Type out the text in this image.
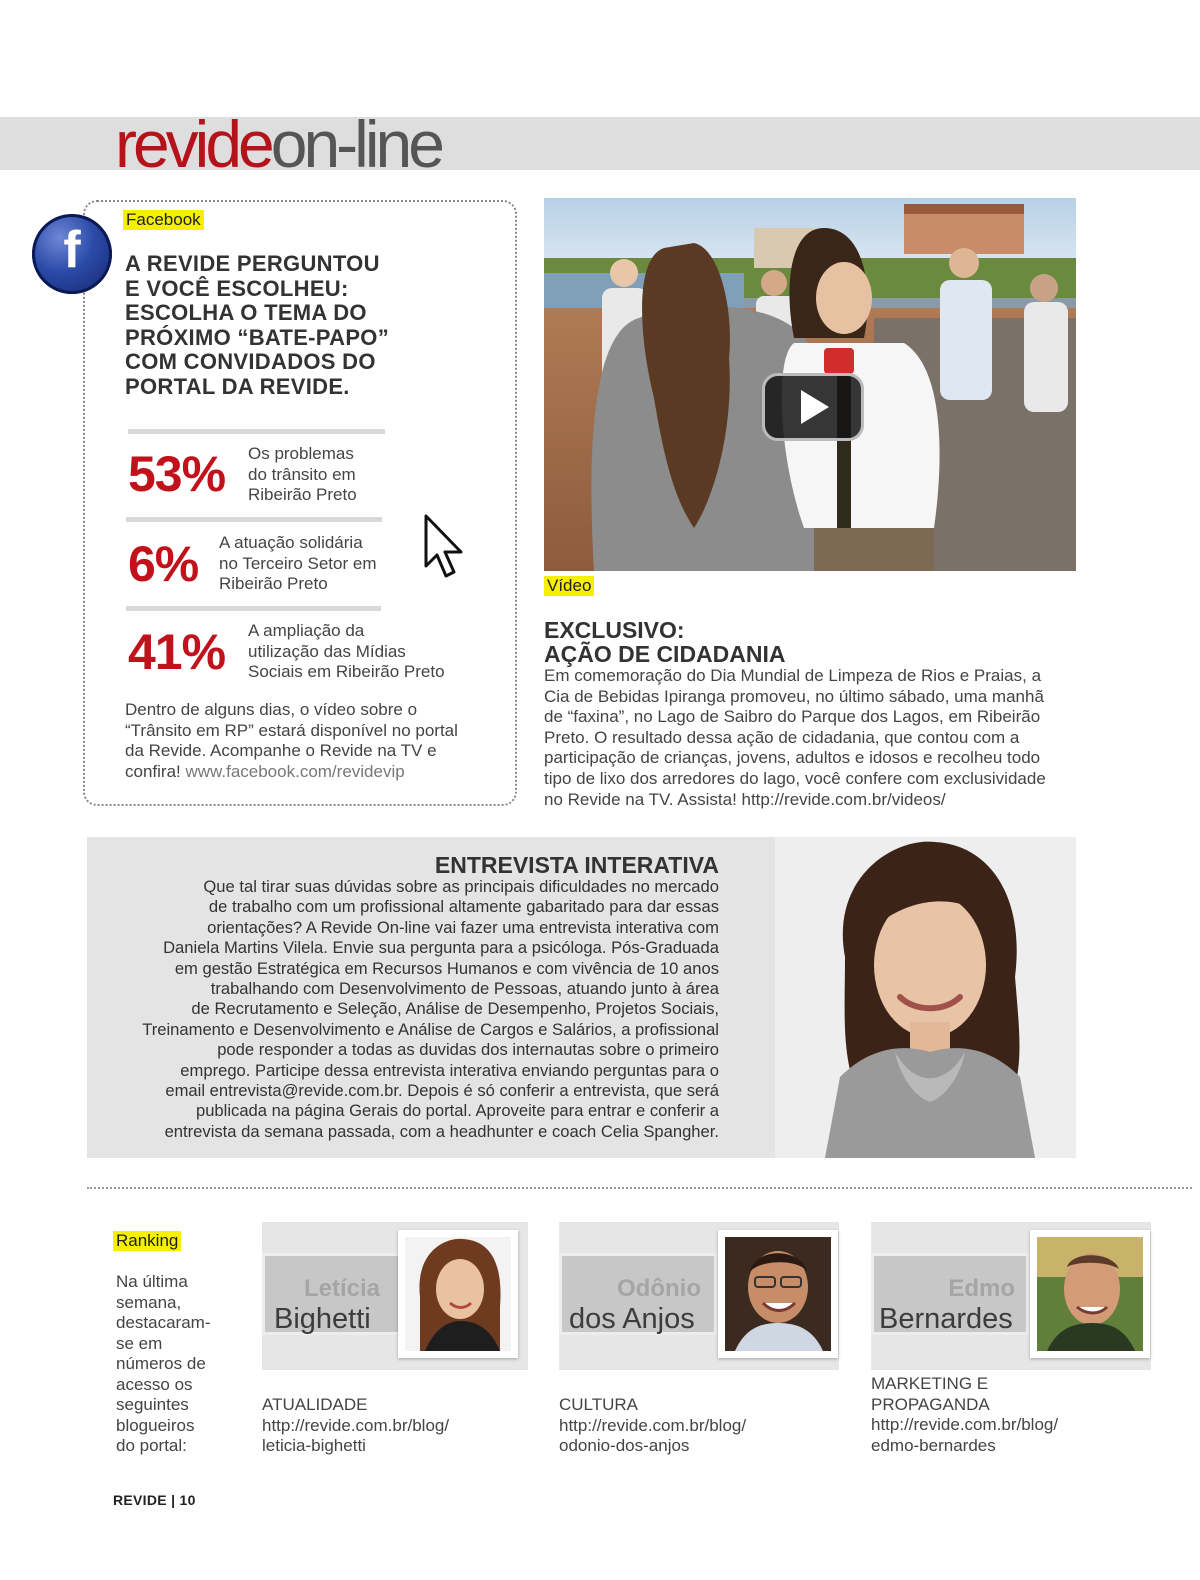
revideon-line
f
Facebook
A REVIDE PERGUNTOU
E VOCÊ ESCOLHEU:
ESCOLHA O TEMA DO
PRÓXIMO “BATE-PAPO”
COM CONVIDADOS DO
PORTAL DA REVIDE.
53% Os problemas
do trânsito em
Ribeirão Preto
6% A atuação solidária
no Terceiro Setor em
Ribeirão Preto
41% A ampliação da
utilização das Mídias
Sociais em Ribeirão Preto
Dentro de alguns dias, o vídeo sobre o
“Trânsito em RP” estará disponível no portal
da Revide. Acompanhe o Revide na TV e
confira! www.facebook.com/revidevip
Vídeo
EXCLUSIVO:
AÇÃO DE CIDADANIA
Em comemoração do Dia Mundial de Limpeza de Rios e Praias, a
Cia de Bebidas Ipiranga promoveu, no último sábado, uma manhã
de “faxina”, no Lago de Saibro do Parque dos Lagos, em Ribeirão
Preto. O resultado dessa ação de cidadania, que contou com a
participação de crianças, jovens, adultos e idosos e recolheu todo
tipo de lixo dos arredores do lago, você confere com exclusividade
no Revide na TV. Assista! http://revide.com.br/videos/
ENTREVISTA INTERATIVA
Que tal tirar suas dúvidas sobre as principais dificuldades no mercado
de trabalho com um profissional altamente gabaritado para dar essas
orientações? A Revide On-line vai fazer uma entrevista interativa com
Daniela Martins Vilela. Envie sua pergunta para a psicóloga. Pós-Graduada
em gestão Estratégica em Recursos Humanos e com vivência de 10 anos
trabalhando com Desenvolvimento de Pessoas, atuando junto à área
de Recrutamento e Seleção, Análise de Desempenho, Projetos Sociais,
Treinamento e Desenvolvimento e Análise de Cargos e Salários, a profissional
pode responder a todas as duvidas dos internautas sobre o primeiro
emprego. Participe dessa entrevista interativa enviando perguntas para o
email entrevista@revide.com.br. Depois é só conferir a entrevista, que será
publicada na página Gerais do portal. Aproveite para entrar e conferir a
entrevista da semana passada, com a headhunter e coach Celia Spangher.
Ranking
Na última
semana,
destacaram-
se em
números de
acesso os
seguintes
blogueiros
do portal:
Letícia
Bighetti
ATUALIDADE
http://revide.com.br/blog/
leticia-bighetti
Odônio
dos Anjos
CULTURA
http://revide.com.br/blog/
odonio-dos-anjos
Edmo
Bernardes
MARKETING E
PROPAGANDA
http://revide.com.br/blog/
edmo-bernardes
REVIDE | 10
